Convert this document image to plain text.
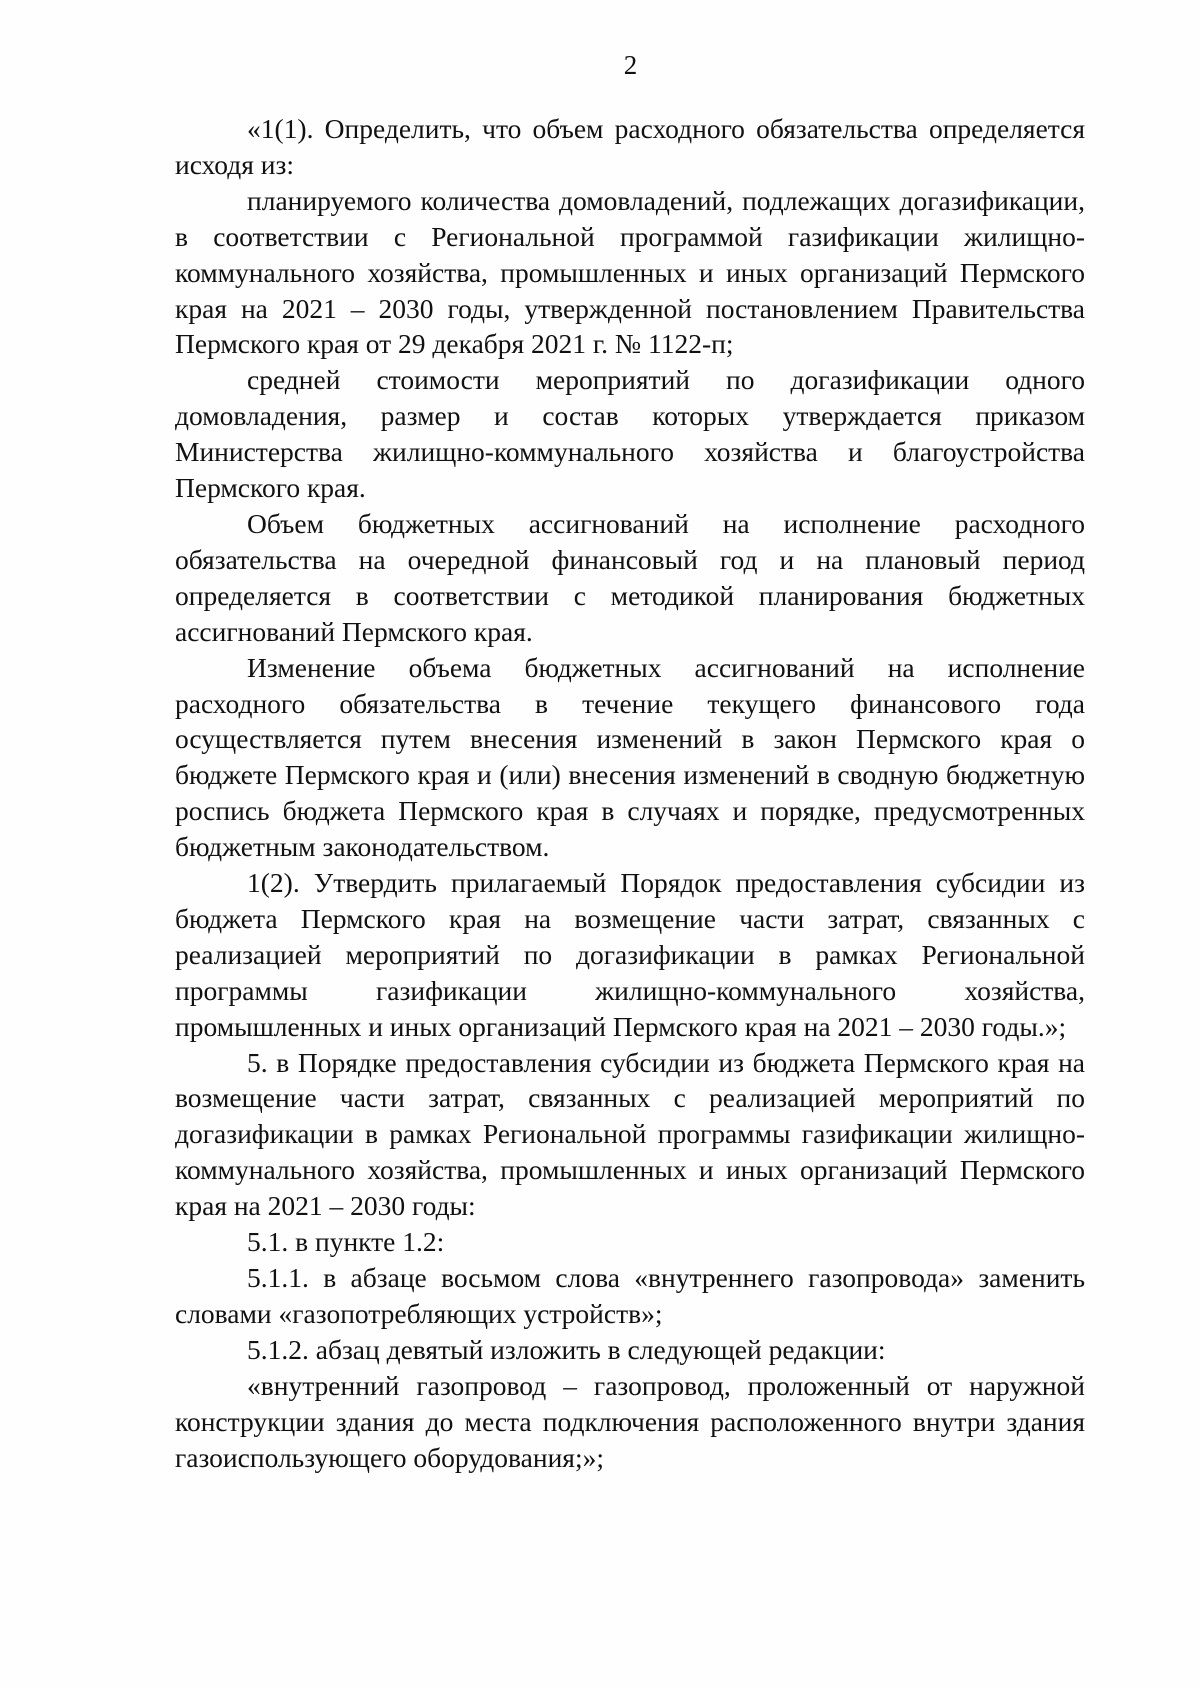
2

«1(1). Определить, что объем расходного обязательства определяется исходя из:

планируемого количества домовладений, подлежащих догазификации, в соответствии с Региональной программой газификации жилищно-коммунального хозяйства, промышленных и иных организаций Пермского края на 2021 – 2030 годы, утвержденной постановлением Правительства Пермского края от 29 декабря 2021 г. № 1122-п;

средней стоимости мероприятий по догазификации одного домовладения, размер и состав которых утверждается приказом Министерства жилищно-коммунального хозяйства и благоустройства Пермского края.

Объем бюджетных ассигнований на исполнение расходного обязательства на очередной финансовый год и на плановый период определяется в соответствии с методикой планирования бюджетных ассигнований Пермского края.

Изменение объема бюджетных ассигнований на исполнение расходного обязательства в течение текущего финансового года осуществляется путем внесения изменений в закон Пермского края о бюджете Пермского края и (или) внесения изменений в сводную бюджетную роспись бюджета Пермского края в случаях и порядке, предусмотренных бюджетным законодательством.

1(2). Утвердить прилагаемый Порядок предоставления субсидии из бюджета Пермского края на возмещение части затрат, связанных с реализацией мероприятий по догазификации в рамках Региональной программы газификации жилищно-коммунального хозяйства, промышленных и иных организаций Пермского края на 2021 – 2030 годы.»;

5. в Порядке предоставления субсидии из бюджета Пермского края на возмещение части затрат, связанных с реализацией мероприятий по догазификации в рамках Региональной программы газификации жилищно-коммунального хозяйства, промышленных и иных организаций Пермского края на 2021 – 2030 годы:

5.1. в пункте 1.2:

5.1.1. в абзаце восьмом слова «внутреннего газопровода» заменить словами «газопотребляющих устройств»;

5.1.2. абзац девятый изложить в следующей редакции:

«внутренний газопровод – газопровод, проложенный от наружной конструкции здания до места подключения расположенного внутри здания газоиспользующего оборудования;»;
